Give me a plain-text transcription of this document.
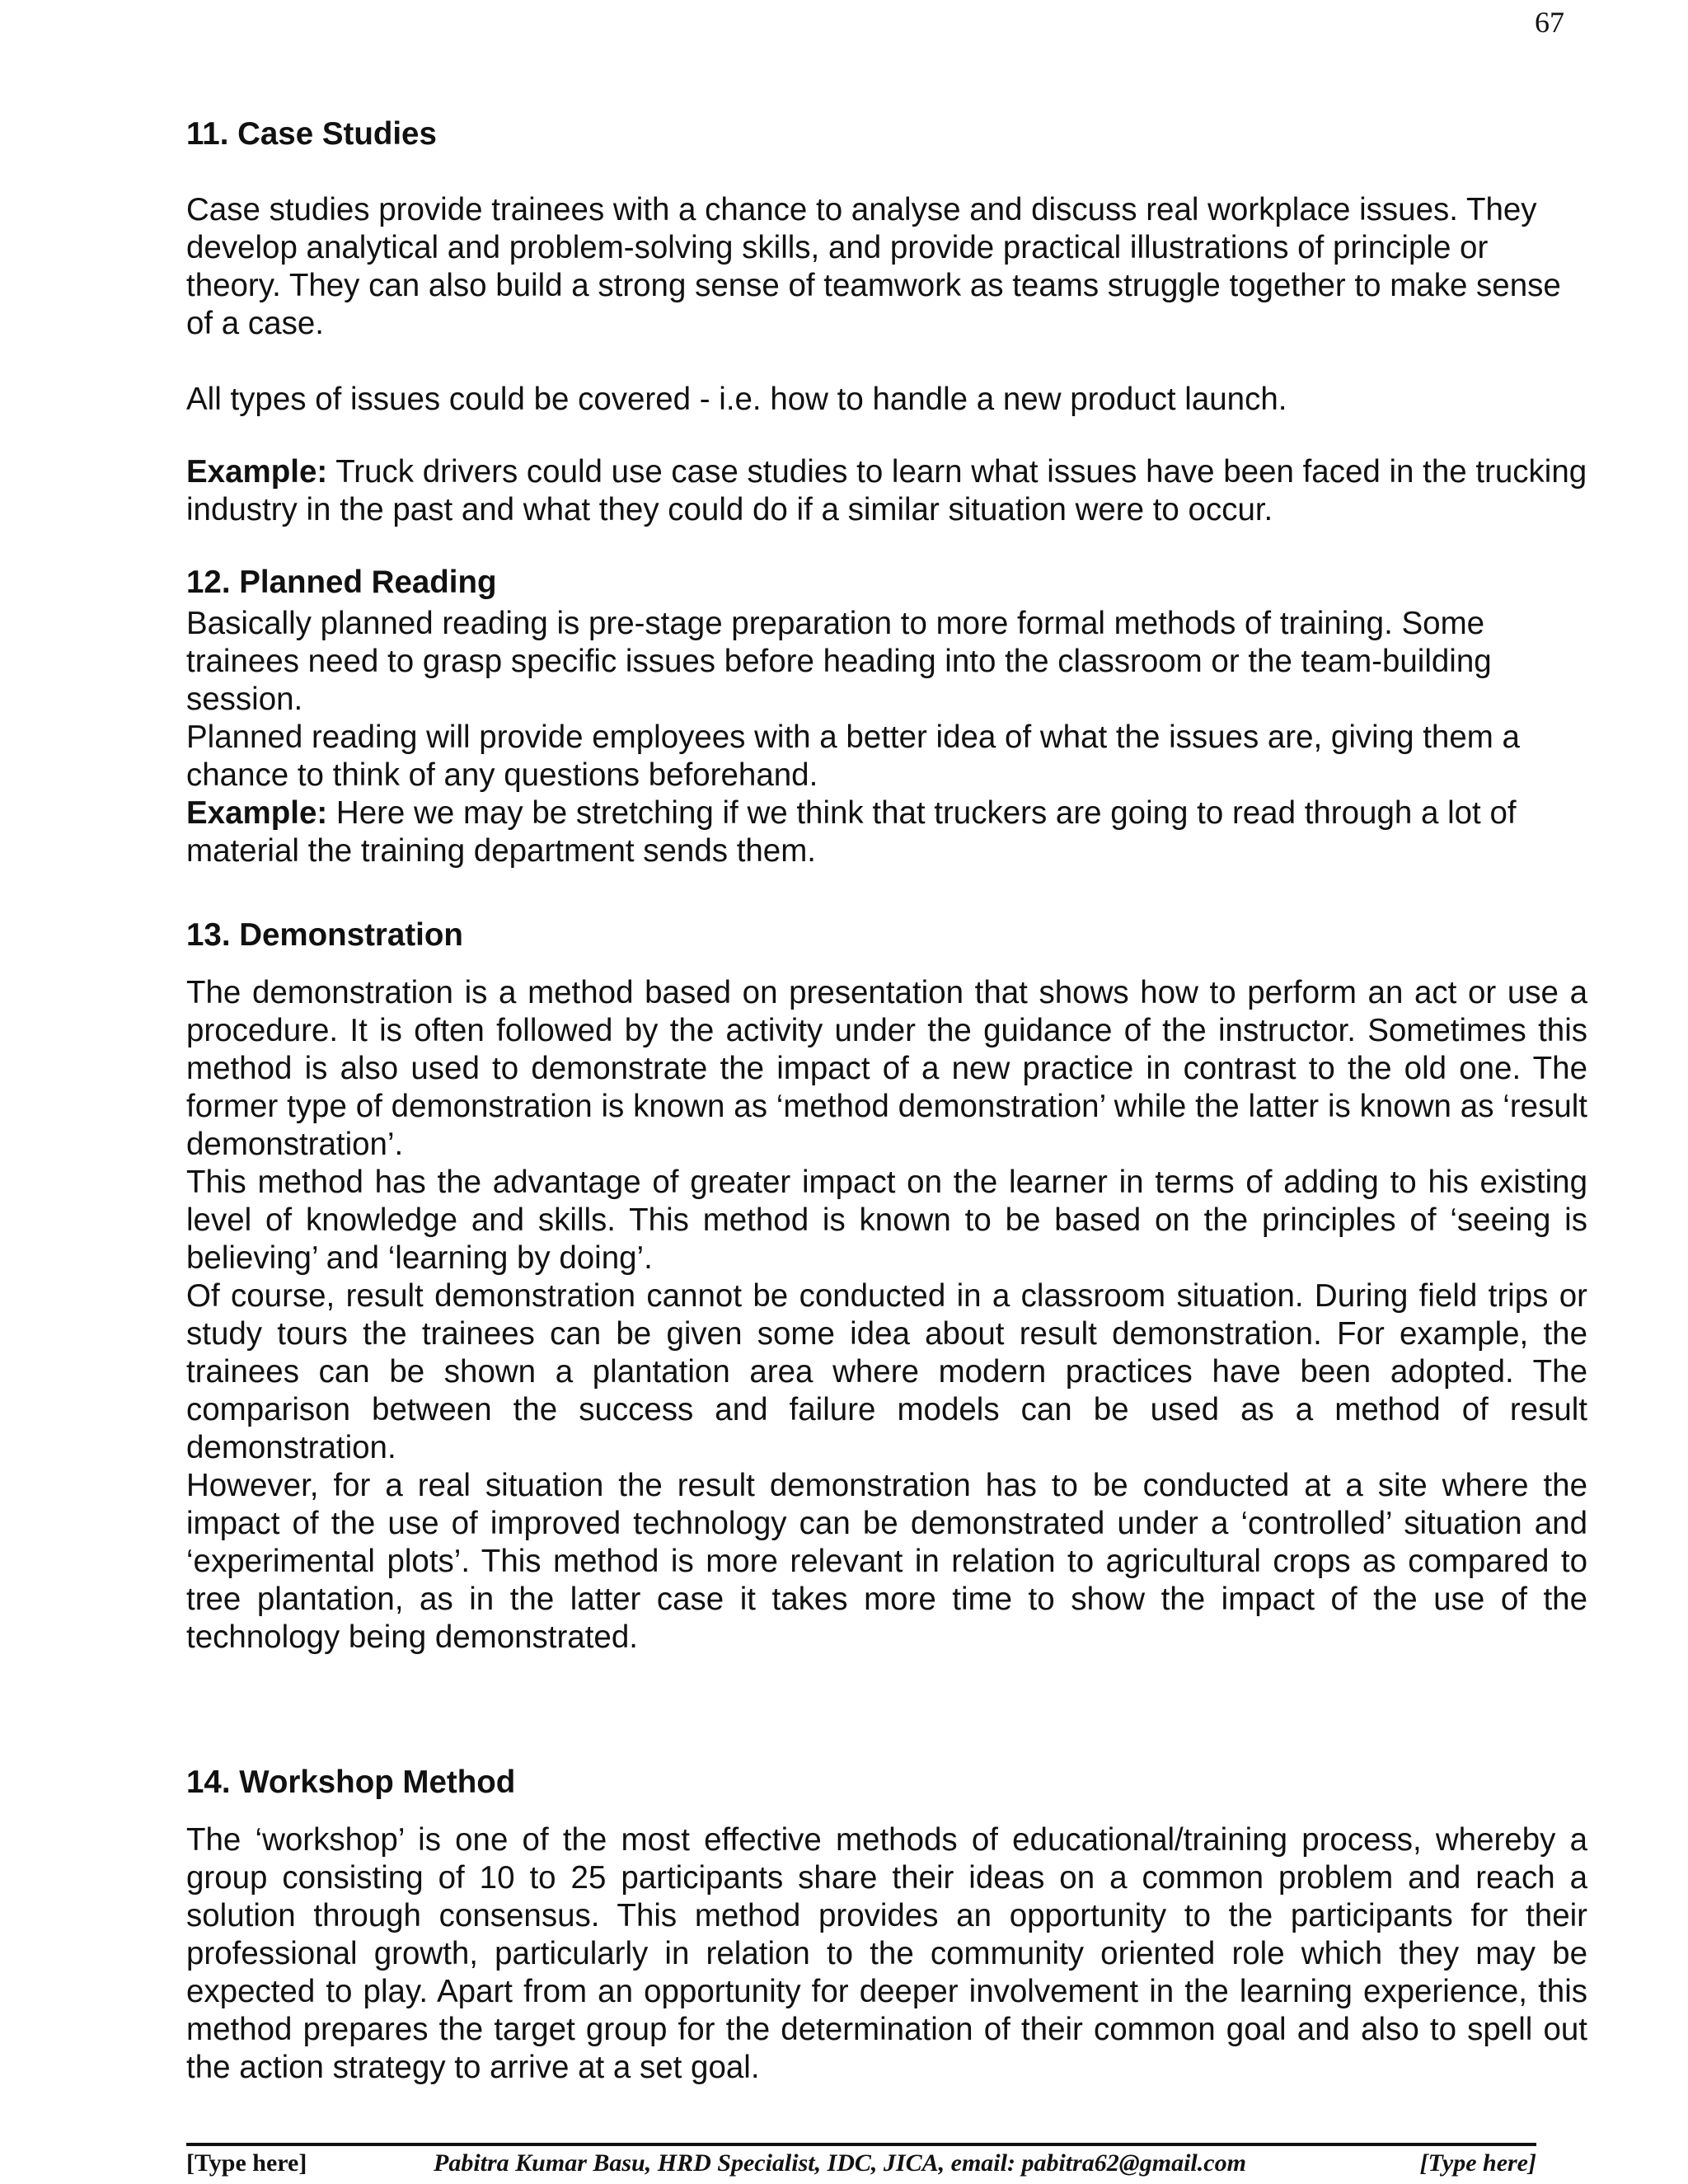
67
11. Case Studies

Case studies provide trainees with a chance to analyse and discuss real workplace issues. They develop analytical and problem-solving skills, and provide practical illustrations of principle or theory. They can also build a strong sense of teamwork as teams struggle together to make sense of a case.

All types of issues could be covered - i.e. how to handle a new product launch.

Example: Truck drivers could use case studies to learn what issues have been faced in the trucking industry in the past and what they could do if a similar situation were to occur.

12. Planned Reading

Basically planned reading is pre-stage preparation to more formal methods of training. Some trainees need to grasp specific issues before heading into the classroom or the team-building session.

Planned reading will provide employees with a better idea of what the issues are, giving them a chance to think of any questions beforehand.

Example: Here we may be stretching if we think that truckers are going to read through a lot of material the training department sends them.

13. Demonstration

The demonstration is a method based on presentation that shows how to perform an act or use a procedure. It is often followed by the activity under the guidance of the instructor. Sometimes this method is also used to demonstrate the impact of a new practice in contrast to the old one. The former type of demonstration is known as ‘method demonstration’ while the latter is known as ‘result demonstration’.

This method has the advantage of greater impact on the learner in terms of adding to his existing level of knowledge and skills. This method is known to be based on the principles of ‘seeing is believing’ and ‘learning by doing’.

Of course, result demonstration cannot be conducted in a classroom situation. During field trips or study tours the trainees can be given some idea about result demonstration. For example, the trainees can be shown a plantation area where modern practices have been adopted. The comparison between the success and failure models can be used as a method of result demonstration.

However, for a real situation the result demonstration has to be conducted at a site where the impact of the use of improved technology can be demonstrated under a ‘controlled’ situation and ‘experimental plots’. This method is more relevant in relation to agricultural crops as compared to tree plantation, as in the latter case it takes more time to show the impact of the use of the technology being demonstrated.

14. Workshop Method

The ‘workshop’ is one of the most effective methods of educational/training process, whereby a group consisting of 10 to 25 participants share their ideas on a common problem and reach a solution through consensus. This method provides an opportunity to the participants for their professional growth, particularly in relation to the community oriented role which they may be expected to play. Apart from an opportunity for deeper involvement in the learning experience, this method prepares the target group for the determination of their common goal and also to spell out the action strategy to arrive at a set goal.

[Type here]	Pabitra Kumar Basu, HRD Specialist, IDC, JICA, email: pabitra62@gmail.com	[Type here]
